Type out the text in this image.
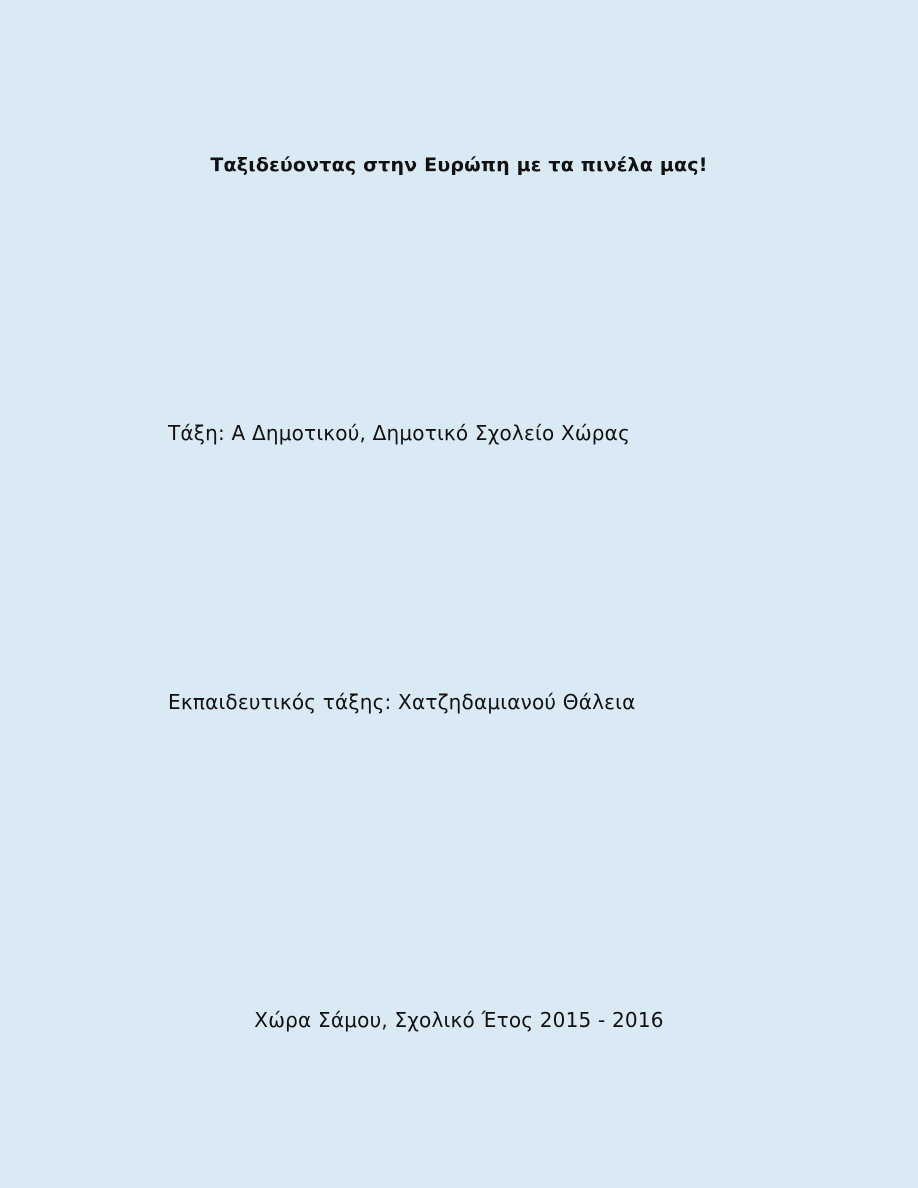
Ταξιδεύοντας στην Ευρώπη με τα πινέλα μας!
Τάξη: Α Δημοτικού, Δημοτικό Σχολείο Χώρας
Εκπαιδευτικός τάξης: Χατζηδαμιανού Θάλεια
Χώρα Σάμου, Σχολικό Έτος 2015 - 2016
